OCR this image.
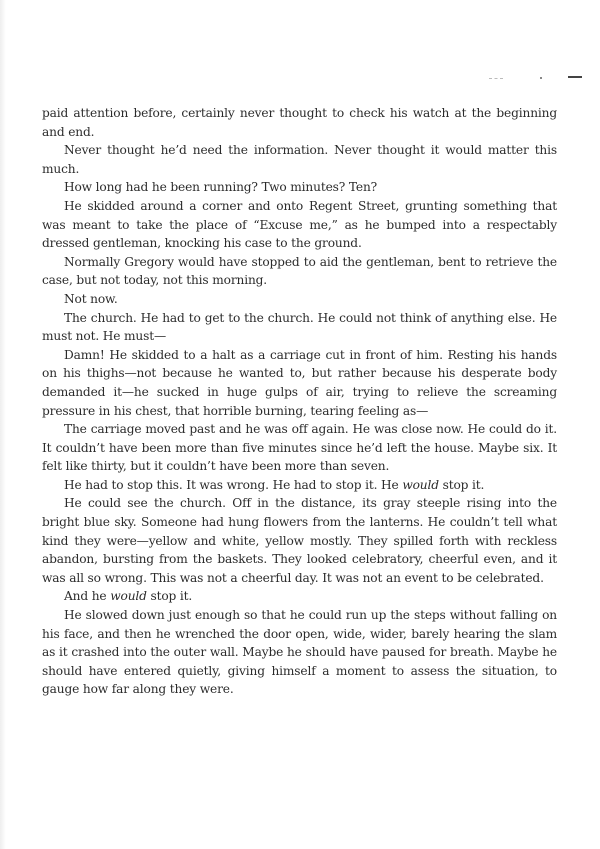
paid attention before, certainly never thought to check his watch at the beginning and end.

Never thought he’d need the information. Never thought it would matter this much.

How long had he been running? Two minutes? Ten?

He skidded around a corner and onto Regent Street, grunting something that was meant to take the place of “Excuse me,” as he bumped into a respectably dressed gentleman, knocking his case to the ground.

Normally Gregory would have stopped to aid the gentleman, bent to retrieve the case, but not today, not this morning.

Not now.

The church. He had to get to the church. He could not think of anything else. He must not. He must—

Damn! He skidded to a halt as a carriage cut in front of him. Resting his hands on his thighs—not because he wanted to, but rather because his desperate body demanded it—he sucked in huge gulps of air, trying to relieve the screaming pressure in his chest, that horrible burning, tearing feeling as—

The carriage moved past and he was off again. He was close now. He could do it. It couldn’t have been more than five minutes since he’d left the house. Maybe six. It felt like thirty, but it couldn’t have been more than seven.

He had to stop this. It was wrong. He had to stop it. He would stop it.

He could see the church. Off in the distance, its gray steeple rising into the bright blue sky. Someone had hung flowers from the lanterns. He couldn’t tell what kind they were—yellow and white, yellow mostly. They spilled forth with reckless abandon, bursting from the baskets. They looked celebratory, cheerful even, and it was all so wrong. This was not a cheerful day. It was not an event to be celebrated.

And he would stop it.

He slowed down just enough so that he could run up the steps without falling on his face, and then he wrenched the door open, wide, wider, barely hearing the slam as it crashed into the outer wall. Maybe he should have paused for breath. Maybe he should have entered quietly, giving himself a moment to assess the situation, to gauge how far along they were.
